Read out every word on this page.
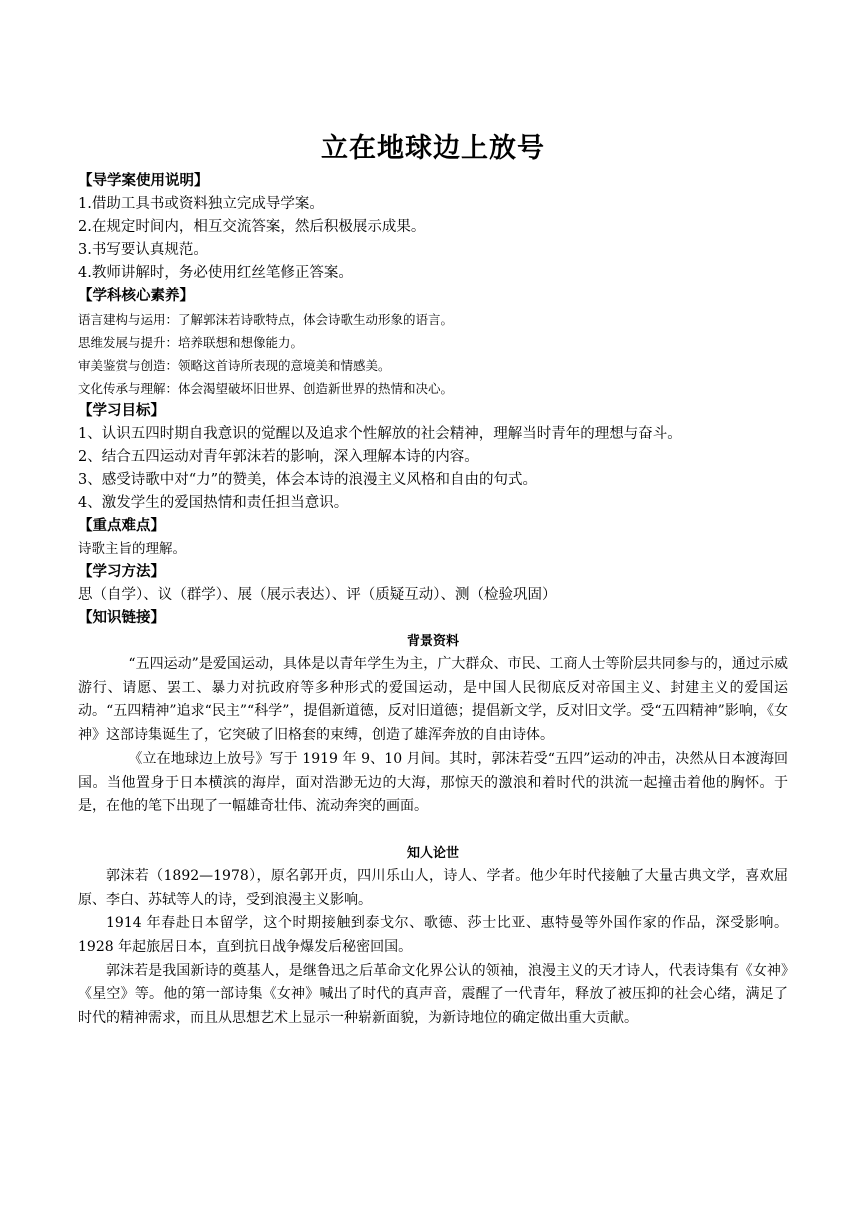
立在地球边上放号
【导学案使用说明】
1.借助工具书或资料独立完成导学案。
2.在规定时间内，相互交流答案，然后积极展示成果。
3.书写要认真规范。
4.教师讲解时，务必使用红丝笔修正答案。
【学科核心素养】
语言建构与运用：了解郭沫若诗歌特点，体会诗歌生动形象的语言。
思维发展与提升：培养联想和想像能力。
审美鉴赏与创造：领略这首诗所表现的意境美和情感美。
文化传承与理解：体会渴望破坏旧世界、创造新世界的热情和决心。
【学习目标】
1、认识五四时期自我意识的觉醒以及追求个性解放的社会精神，理解当时青年的理想与奋斗。
2、结合五四运动对青年郭沫若的影响，深入理解本诗的内容。
3、感受诗歌中对“力”的赞美，体会本诗的浪漫主义风格和自由的句式。
4、激发学生的爱国热情和责任担当意识。
【重点难点】
诗歌主旨的理解。
【学习方法】
思（自学）、议（群学）、展（展示表达）、评（质疑互动）、测（检验巩固）
【知识链接】
背景资料

“五四运动”是爱国运动，具体是以青年学生为主，广大群众、市民、工商人士等阶层共同参与的，通过示威游行、请愿、罢工、暴力对抗政府等多种形式的爱国运动，是中国人民彻底反对帝国主义、封建主义的爱国运动。“五四精神”追求“民主”“科学”，提倡新道德，反对旧道德；提倡新文学，反对旧文学。受“五四精神”影响，《女神》这部诗集诞生了，它突破了旧格套的束缚，创造了雄浑奔放的自由诗体。

《立在地球边上放号》写于 1919 年 9、10 月间。其时，郭沫若受“五四”运动的冲击，决然从日本渡海回国。当他置身于日本横滨的海岸，面对浩渺无边的大海，那惊天的激浪和着时代的洪流一起撞击着他的胸怀。于是，在他的笔下出现了一幅雄奇壮伟、流动奔突的画面。

知人论世

郭沫若（1892—1978），原名郭开贞，四川乐山人，诗人、学者。他少年时代接触了大量古典文学，喜欢屈原、李白、苏轼等人的诗，受到浪漫主义影响。

1914 年春赴日本留学，这个时期接触到泰戈尔、歌德、莎士比亚、惠特曼等外国作家的作品，深受影响。1928 年起旅居日本，直到抗日战争爆发后秘密回国。

郭沫若是我国新诗的奠基人，是继鲁迅之后革命文化界公认的领袖，浪漫主义的天才诗人，代表诗集有《女神》《星空》等。他的第一部诗集《女神》喊出了时代的真声音，震醒了一代青年，释放了被压抑的社会心绪，满足了时代的精神需求，而且从思想艺术上显示一种崭新面貌，为新诗地位的确定做出重大贡献。
